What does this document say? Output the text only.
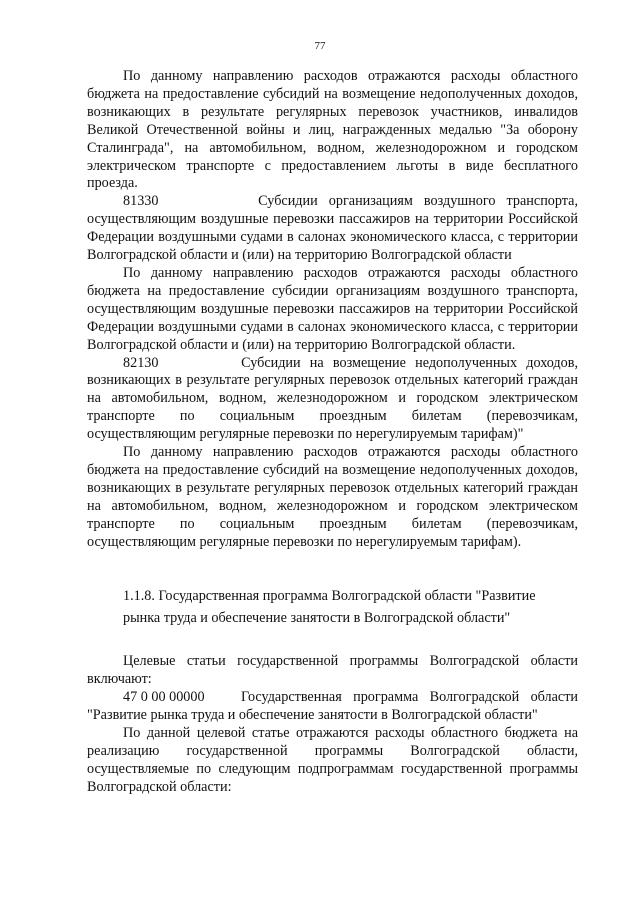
77

По данному направлению расходов отражаются расходы областного бюджета на предоставление субсидий на возмещение недополученных доходов, возникающих в результате регулярных перевозок участников, инвалидов Великой Отечественной войны и лиц, награжденных медалью "За оборону Сталинграда", на автомобильном, водном, железнодорожном и городском электрическом транспорте с предоставлением льготы в виде бесплатного проезда.

81330	Субсидии организациям воздушного транспорта, осуществляющим воздушные перевозки пассажиров на территории Российской Федерации воздушными судами в салонах экономического класса, с территории Волгоградской области и (или) на территорию Волгоградской области

По данному направлению расходов отражаются расходы областного бюджета на предоставление субсидии организациям воздушного транспорта, осуществляющим воздушные перевозки пассажиров на территории Российской Федерации воздушными судами в салонах экономического класса, с территории Волгоградской области и (или) на территорию Волгоградской области.

82130	Субсидии на возмещение недополученных доходов, возникающих в результате регулярных перевозок отдельных категорий граждан на автомобильном, водном, железнодорожном и городском электрическом транспорте по социальным проездным билетам (перевозчикам, осуществляющим регулярные перевозки по нерегулируемым тарифам)"

По данному направлению расходов отражаются расходы областного бюджета на предоставление субсидий на возмещение недополученных доходов, возникающих в результате регулярных перевозок отдельных категорий граждан на автомобильном, водном, железнодорожном и городском электрическом транспорте по социальным проездным билетам (перевозчикам, осуществляющим регулярные перевозки по нерегулируемым тарифам).

1.1.8. Государственная программа Волгоградской области "Развитие рынка труда и обеспечение занятости в Волгоградской области"

Целевые статьи государственной программы Волгоградской области включают:

47 0 00 00000	Государственная программа Волгоградской области "Развитие рынка труда и обеспечение занятости в Волгоградской области"

По данной целевой статье отражаются расходы областного бюджета на реализацию государственной программы Волгоградской области, осуществляемые по следующим подпрограммам государственной программы Волгоградской области:
